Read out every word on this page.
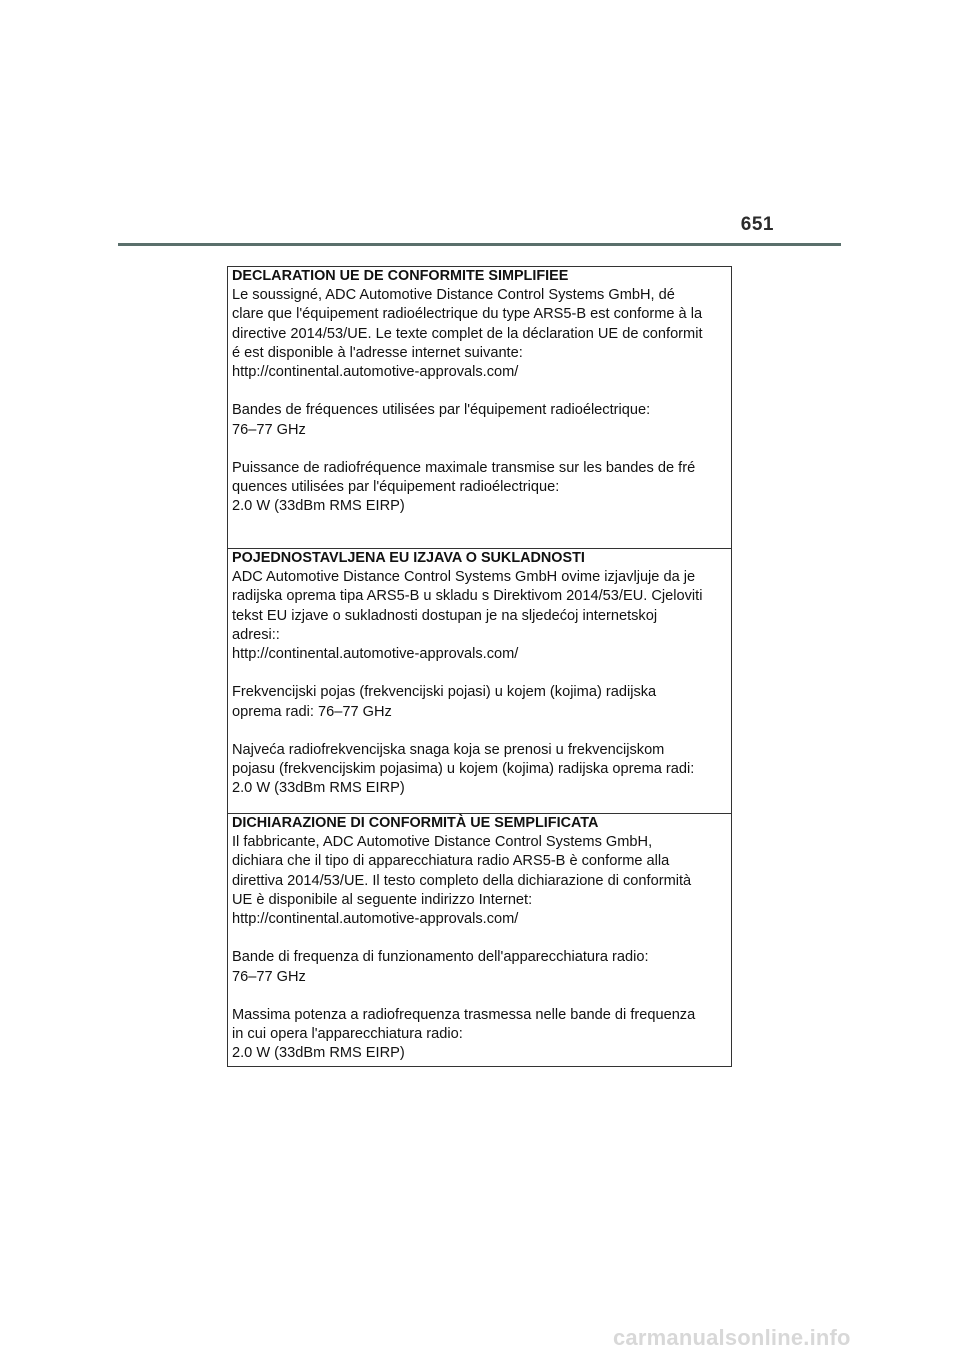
651
DECLARATION UE DE CONFORMITE SIMPLIFIEE
Le soussigné, ADC Automotive Distance Control Systems GmbH, dé
clare que l'équipement radioélectrique du type ARS5-B est conforme à la
directive 2014/53/UE. Le texte complet de la déclaration UE de conformit
é est disponible à l'adresse internet suivante:
http://continental.automotive-approvals.com/
Bandes de fréquences utilisées par l'équipement radioélectrique:
76–77 GHz
Puissance de radiofréquence maximale transmise sur les bandes de fré
quences utilisées par l'équipement radioélectrique:
2.0 W (33dBm RMS EIRP)
POJEDNOSTAVLJENA EU IZJAVA O SUKLADNOSTI
ADC Automotive Distance Control Systems GmbH ovime izjavljuje da je
radijska oprema tipa ARS5-B u skladu s Direktivom 2014/53/EU. Cjeloviti
tekst EU izjave o sukladnosti dostupan je na sljedećoj internetskoj
adresi::
http://continental.automotive-approvals.com/
Frekvencijski pojas (frekvencijski pojasi) u kojem (kojima) radijska
oprema radi: 76–77 GHz
Najveća radiofrekvencijska snaga koja se prenosi u frekvencijskom
pojasu (frekvencijskim pojasima) u kojem (kojima) radijska oprema radi:
2.0 W (33dBm RMS EIRP)
DICHIARAZIONE DI CONFORMITÀ UE SEMPLIFICATA
Il fabbricante, ADC Automotive Distance Control Systems GmbH,
dichiara che il tipo di apparecchiatura radio ARS5-B è conforme alla
direttiva 2014/53/UE. Il testo completo della dichiarazione di conformità
UE è disponibile al seguente indirizzo Internet:
http://continental.automotive-approvals.com/
Bande di frequenza di funzionamento dell'apparecchiatura radio:
76–77 GHz
Massima potenza a radiofrequenza trasmessa nelle bande di frequenza
in cui opera l'apparecchiatura radio:
2.0 W (33dBm RMS EIRP)
carmanualsonline.info
